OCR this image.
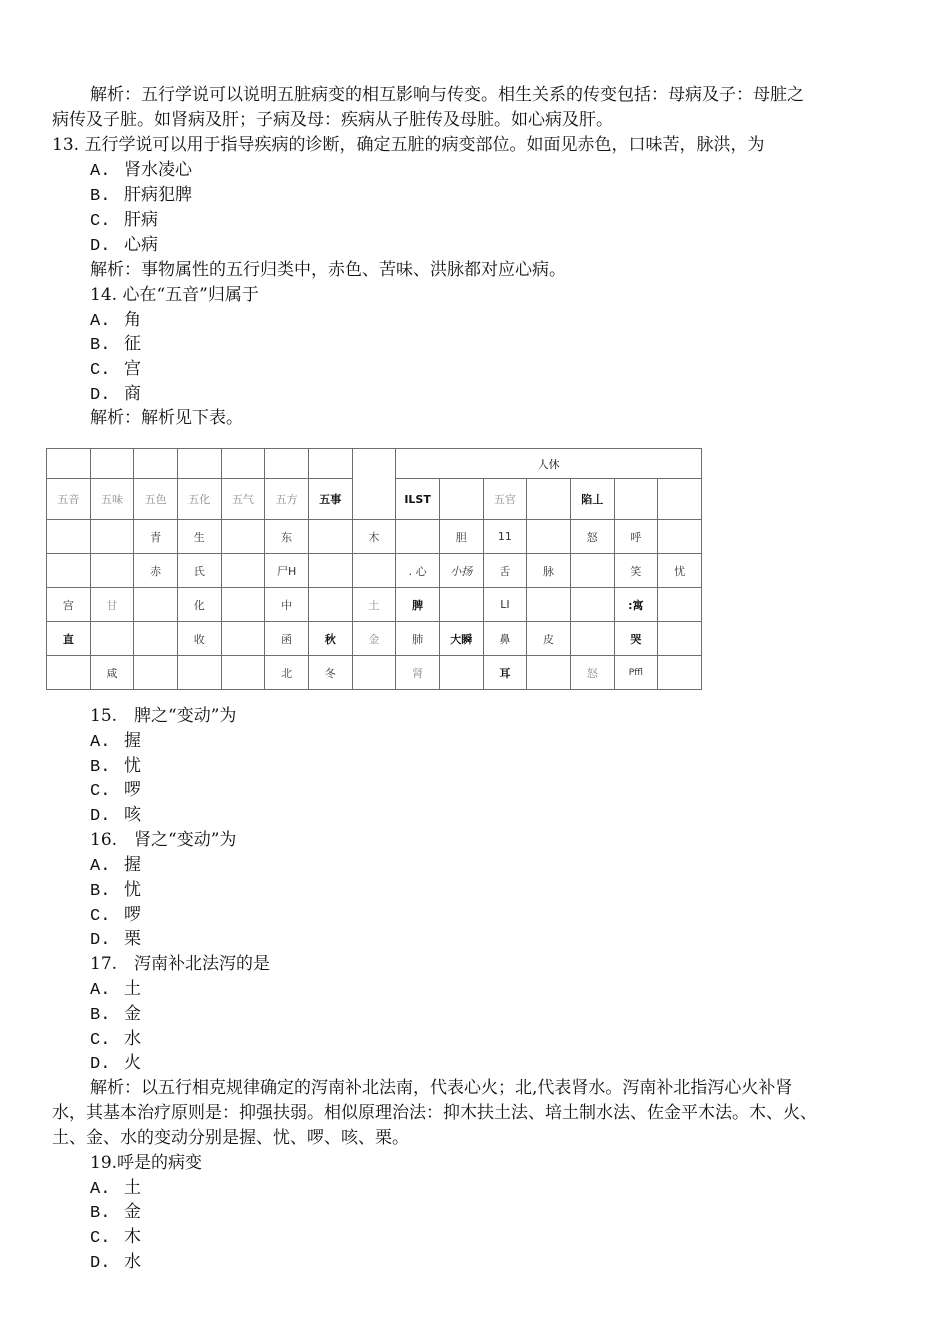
解析：五行学说可以说明五脏病变的相互影响与传变。相生关系的传变包括：母病及子：母脏之
病传及子脏。如肾病及肝；子病及母：疾病从子脏传及母脏。如心病及肝。
13. 五行学说可以用于指导疾病的诊断，确定五脏的病变部位。如面见赤色，口味苦，脉洪，为
A. 肾水凌心
B. 肝病犯脾
C. 肝病
D. 心病
解析：事物属性的五行归类中，赤色、苦味、洪脉都对应心病。
14. 心在“五音”归属于
A. 角
B. 征
C. 宫
D. 商
解析：解析见下表。
								人休						
五音	五味	五色	五化	五气	五方	五事		ILST		五官		陷丄		
		青	生		东		木		胆	11		怒	呼	
		赤	氏		尸H			. 心	小扬	舌	脉		笑	忧
宫	甘		化		中		土	脾		LI			:寓	
直			收		函	秋	金	肺	大瞬	鼻	皮		哭	
	咸				北	冬		肾		耳		怒	Pffl	
15.　脾之“变动”为
A. 握
B. 忧
C. 啰
D. 咳
16.　肾之“变动”为
A. 握
B. 忧
C. 啰
D. 栗
17.　泻南补北法泻的是
A. 土
B. 金
C. 水
D. 火
解析：以五行相克规律确定的泻南补北法南，代表心火；北,代表肾水。泻南补北指泻心火补肾
水，其基本治疗原则是：抑强扶弱。相似原理治法：抑木扶土法、培土制水法、佐金平木法。木、火、
土、金、水的变动分别是握、忧、啰、咳、栗。
19.呼是的病变
A. 土
B. 金
C. 木
D. 水
